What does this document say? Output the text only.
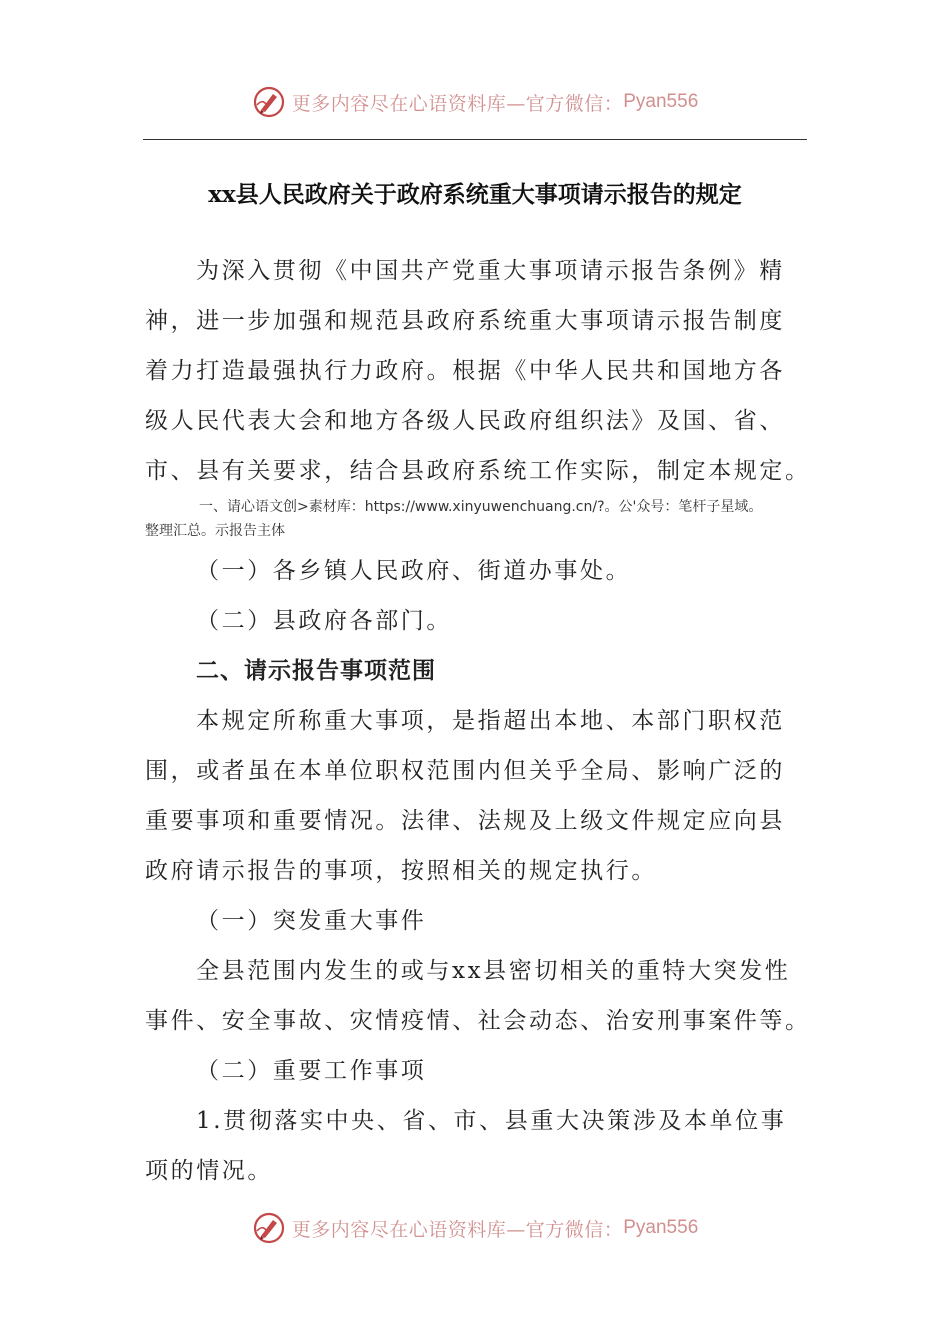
更多内容尽在心语资料库—官方微信： Pyan556
xx县人民政府关于政府系统重大事项请示报告的规定

为深入贯彻《中国共产党重大事项请示报告条例》精

神，进一步加强和规范县政府系统重大事项请示报告制度

着力打造最强执行力政府。根据《中华人民共和国地方各

级人民代表大会和地方各级人民政府组织法》及国、省、

市、县有关要求，结合县政府系统工作实际，制定本规定。

一、请心语文创>素材库：https://www.xinyuwenchuang.cn/?。公'众号：笔杆子星域。

整理汇总。示报告主体

（一）各乡镇人民政府、街道办事处。

（二）县政府各部门。

二、请示报告事项范围

本规定所称重大事项，是指超出本地、本部门职权范

围，或者虽在本单位职权范围内但关乎全局、影响广泛的

重要事项和重要情况。法律、法规及上级文件规定应向县

政府请示报告的事项，按照相关的规定执行。

（一）突发重大事件

全县范围内发生的或与xx县密切相关的重特大突发性

事件、安全事故、灾情疫情、社会动态、治安刑事案件等。

（二）重要工作事项

1.贯彻落实中央、省、市、县重大决策涉及本单位事

项的情况。

更多内容尽在心语资料库—官方微信： Pyan556
